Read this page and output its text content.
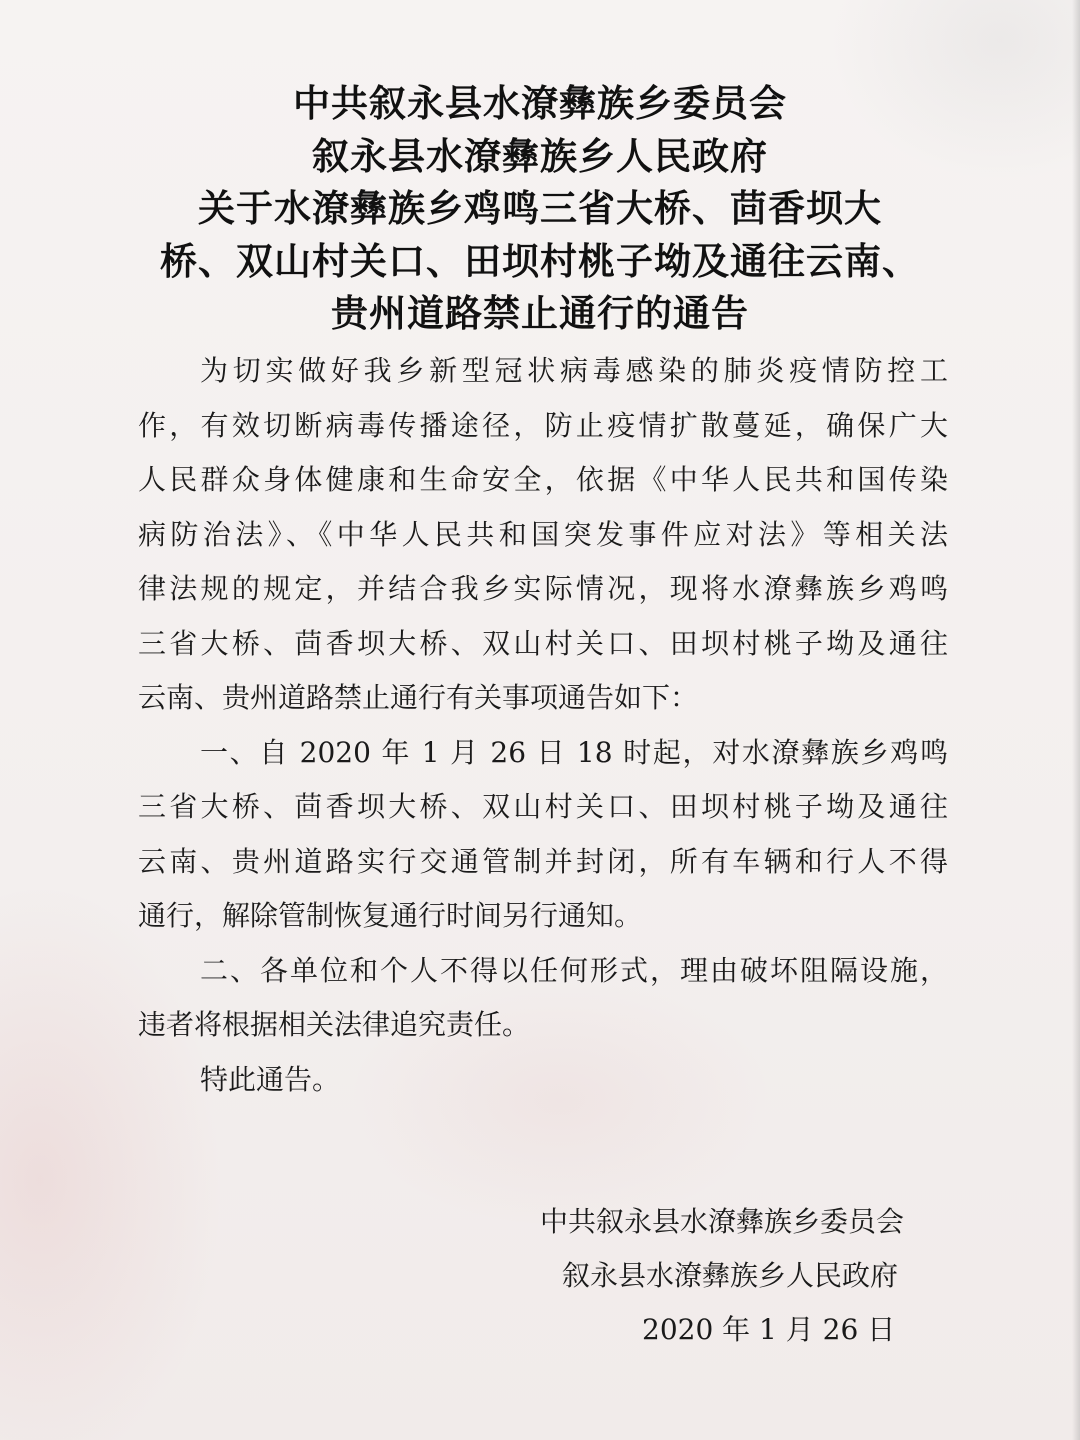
中共叙永县水潦彝族乡委员会
叙永县水潦彝族乡人民政府
关于水潦彝族乡鸡鸣三省大桥、茴香坝大
桥、双山村关口、田坝村桃子坳及通往云南、
贵州道路禁止通行的通告
为切实做好我乡新型冠状病毒感染的肺炎疫情防控工
作，有效切断病毒传播途径，防止疫情扩散蔓延，确保广大
人民群众身体健康和生命安全，依据《中华人民共和国传染
病防治法》、《中华人民共和国突发事件应对法》等相关法
律法规的规定，并结合我乡实际情况，现将水潦彝族乡鸡鸣
三省大桥、茴香坝大桥、双山村关口、田坝村桃子坳及通往
云南、贵州道路禁止通行有关事项通告如下：
一、自 2020 年 1 月 26 日 18 时起，对水潦彝族乡鸡鸣
三省大桥、茴香坝大桥、双山村关口、田坝村桃子坳及通往
云南、贵州道路实行交通管制并封闭，所有车辆和行人不得
通行，解除管制恢复通行时间另行通知。
二、各单位和个人不得以任何形式，理由破坏阻隔设施，
违者将根据相关法律追究责任。
特此通告。
中共叙永县水潦彝族乡委员会
叙永县水潦彝族乡人民政府
2020 年 1 月 26 日
